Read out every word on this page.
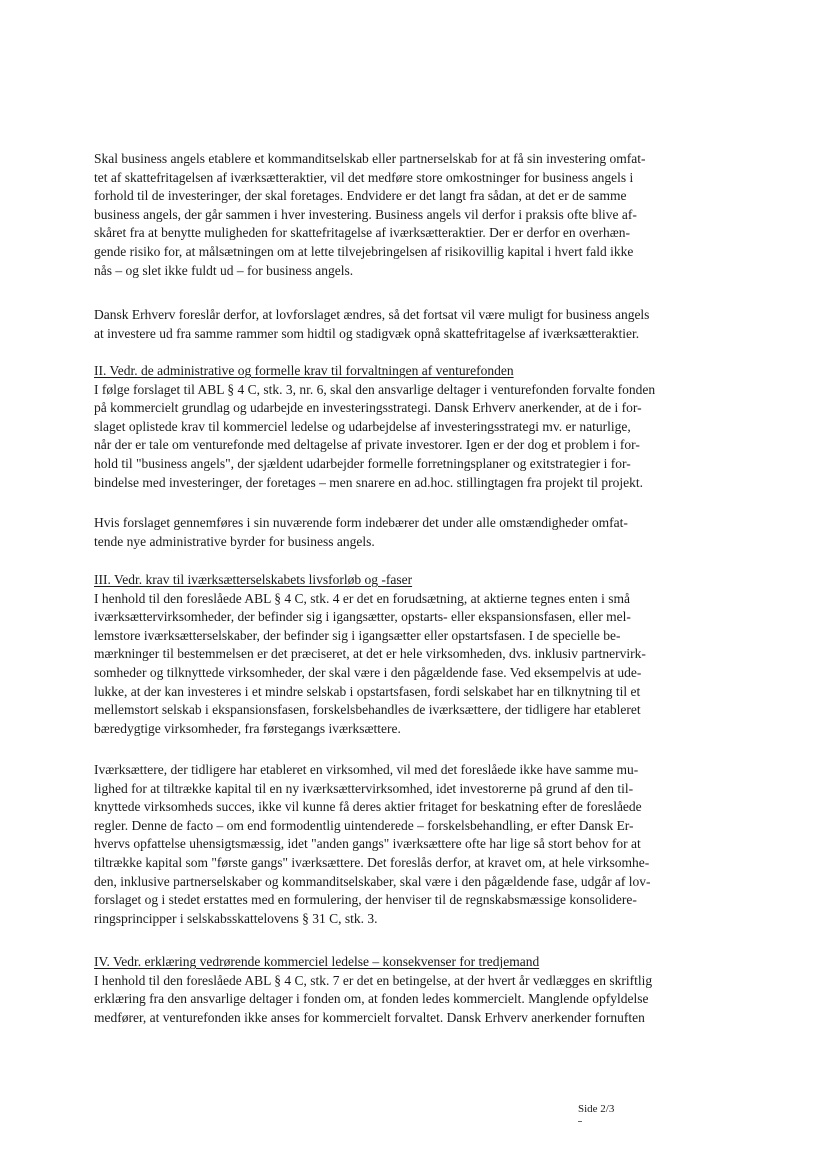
Skal business angels etablere et kommanditselskab eller partnerselskab for at få sin investering omfat-
tet af skattefritagelsen af iværksætteraktier, vil det medføre store omkostninger for business angels i
forhold til de investeringer, der skal foretages. Endvidere er det langt fra sådan, at det er de samme
business angels, der går sammen i hver investering. Business angels vil derfor i praksis ofte blive af-
skåret fra at benytte muligheden for skattefritagelse af iværksætteraktier. Der er derfor en overhæn-
gende risiko for, at målsætningen om at lette tilvejebringelsen af risikovillig kapital i hvert fald ikke
nås – og slet ikke fuldt ud – for business angels.
Dansk Erhverv foreslår derfor, at lovforslaget ændres, så det fortsat vil være muligt for business angels
at investere ud fra samme rammer som hidtil og stadigvæk opnå skattefritagelse af iværksætteraktier.
II. Vedr. de administrative og formelle krav til forvaltningen af venturefonden
I følge forslaget til ABL § 4 C, stk. 3, nr. 6, skal den ansvarlige deltager i venturefonden forvalte fonden
på kommercielt grundlag og udarbejde en investeringsstrategi. Dansk Erhverv anerkender, at de i for-
slaget oplistede krav til kommerciel ledelse og udarbejdelse af investeringsstrategi mv. er naturlige,
når der er tale om venturefonde med deltagelse af private investorer. Igen er der dog et problem i for-
hold til "business angels", der sjældent udarbejder formelle forretningsplaner og exitstrategier i for-
bindelse med investeringer, der foretages – men snarere en ad.hoc. stillingtagen fra projekt til projekt.
Hvis forslaget gennemføres i sin nuværende form indebærer det under alle omstændigheder omfat-
tende nye administrative byrder for business angels.
III. Vedr. krav til iværksætterselskabets livsforløb og -faser
I henhold til den foreslåede ABL § 4 C, stk. 4 er det en forudsætning, at aktierne tegnes enten i små
iværksættervirksomheder, der befinder sig i igangsætter, opstarts- eller ekspansionsfasen, eller mel-
lemstore iværksætterselskaber, der befinder sig i igangsætter eller opstartsfasen. I de specielle be-
mærkninger til bestemmelsen er det præciseret, at det er hele virksomheden, dvs. inklusiv partnervirk-
somheder og tilknyttede virksomheder, der skal være i den pågældende fase. Ved eksempelvis at ude-
lukke, at der kan investeres i et mindre selskab i opstartsfasen, fordi selskabet har en tilknytning til et
mellemstort selskab i ekspansionsfasen, forskelsbehandles de iværksættere, der tidligere har etableret
bæredygtige virksomheder, fra førstegangs iværksættere.
Iværksættere, der tidligere har etableret en virksomhed, vil med det foreslåede ikke have samme mu-
lighed for at tiltrække kapital til en ny iværksættervirksomhed, idet investorerne på grund af den til-
knyttede virksomheds succes, ikke vil kunne få deres aktier fritaget for beskatning efter de foreslåede
regler. Denne de facto – om end formodentlig uintenderede – forskelsbehandling, er efter Dansk Er-
hvervs opfattelse uhensigtsmæssig, idet "anden gangs" iværksættere ofte har lige så stort behov for at
tiltrække kapital som "første gangs" iværksættere. Det foreslås derfor, at kravet om, at hele virksomhe-
den, inklusive partnerselskaber og kommanditselskaber, skal være i den pågældende fase, udgår af lov-
forslaget og i stedet erstattes med en formulering, der henviser til de regnskabsmæssige konsolidere-
ringsprincipper i selskabsskattelovens § 31 C, stk. 3.
IV. Vedr. erklæring vedrørende kommerciel ledelse – konsekvenser for tredjemand
I henhold til den foreslåede ABL § 4 C, stk. 7 er det en betingelse, at der hvert år vedlægges en skriftlig
erklæring fra den ansvarlige deltager i fonden om, at fonden ledes kommercielt. Manglende opfyldelse
medfører, at venturefonden ikke anses for kommercielt forvaltet. Dansk Erhverv anerkender fornuften
Side 2/3
